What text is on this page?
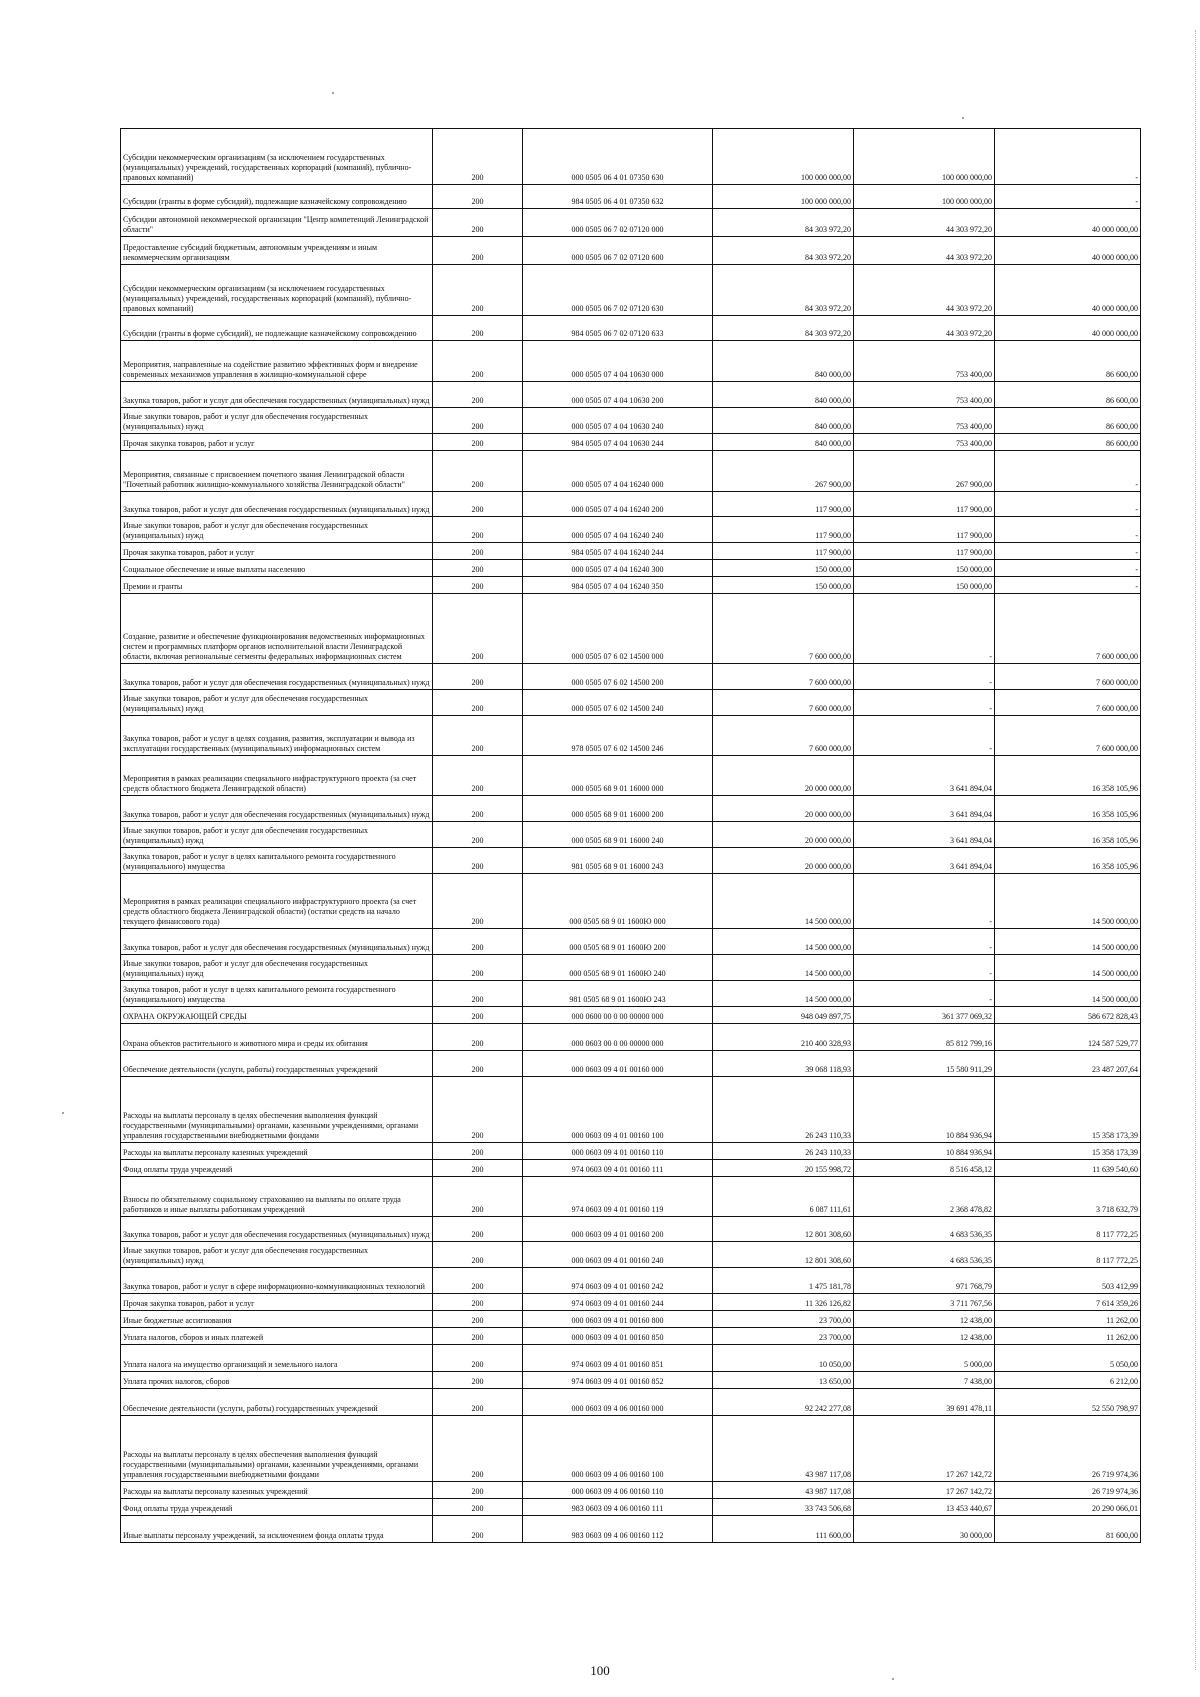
Субсидии некоммерческим организациям (за исключением государственных (муниципальных) учреждений, государственных корпораций (компаний), публично-правовых компаний)	200	000 0505 06 4 01 07350 630	100 000 000,00	100 000 000,00	-
Субсидии (гранты в форме субсидий), подлежащие казначейскому сопровождению	200	984 0505 06 4 01 07350 632	100 000 000,00	100 000 000,00	-
Субсидии автономной некоммерческой организации "Центр компетенций Ленинградской области"	200	000 0505 06 7 02 07120 000	84 303 972,20	44 303 972,20	40 000 000,00
Предоставление субсидий бюджетным, автономным учреждениям и иным некоммерческим организациям	200	000 0505 06 7 02 07120 600	84 303 972,20	44 303 972,20	40 000 000,00
Субсидии некоммерческим организациям (за исключением государственных (муниципальных) учреждений, государственных корпораций (компаний), публично-правовых компаний)	200	000 0505 06 7 02 07120 630	84 303 972,20	44 303 972,20	40 000 000,00
Субсидии (гранты в форме субсидий), не подлежащие казначейскому сопровождению	200	984 0505 06 7 02 07120 633	84 303 972,20	44 303 972,20	40 000 000,00
Мероприятия, направленные на содействие развитию эффективных форм и внедрение современных механизмов управления в жилищно-коммунальной сфере	200	000 0505 07 4 04 10630 000	840 000,00	753 400,00	86 600,00
Закупка товаров, работ и услуг для обеспечения государственных (муниципальных) нужд	200	000 0505 07 4 04 10630 200	840 000,00	753 400,00	86 600,00
Иные закупки товаров, работ и услуг для обеспечения государственных (муниципальных) нужд	200	000 0505 07 4 04 10630 240	840 000,00	753 400,00	86 600,00
Прочая закупка товаров, работ и услуг	200	984 0505 07 4 04 10630 244	840 000,00	753 400,00	86 600,00
Мероприятия, связанные с присвоением почетного звания Ленинградской области "Почетный работник жилищно-коммунального хозяйства Ленинградской области"	200	000 0505 07 4 04 16240 000	267 900,00	267 900,00	-
Закупка товаров, работ и услуг для обеспечения государственных (муниципальных) нужд	200	000 0505 07 4 04 16240 200	117 900,00	117 900,00	-
Иные закупки товаров, работ и услуг для обеспечения государственных (муниципальных) нужд	200	000 0505 07 4 04 16240 240	117 900,00	117 900,00	-
Прочая закупка товаров, работ и услуг	200	984 0505 07 4 04 16240 244	117 900,00	117 900,00	-
Социальное обеспечение и иные выплаты населению	200	000 0505 07 4 04 16240 300	150 000,00	150 000,00	-
Премии и гранты	200	984 0505 07 4 04 16240 350	150 000,00	150 000,00	-
Создание, развитие и обеспечение функционирования ведомственных информационных систем и программных платформ органов исполнительной власти Ленинградской области, включая региональные сегменты федеральных информационных систем	200	000 0505 07 6 02 14500 000	7 600 000,00	-	7 600 000,00
Закупка товаров, работ и услуг для обеспечения государственных (муниципальных) нужд	200	000 0505 07 6 02 14500 200	7 600 000,00	-	7 600 000,00
Иные закупки товаров, работ и услуг для обеспечения государственных (муниципальных) нужд	200	000 0505 07 6 02 14500 240	7 600 000,00	-	7 600 000,00
Закупка товаров, работ и услуг в целях создания, развития, эксплуатации и вывода из эксплуатации государственных (муниципальных) информационных систем	200	978 0505 07 6 02 14500 246	7 600 000,00	-	7 600 000,00
Мероприятия в рамках реализации специального инфраструктурного проекта (за счет средств областного бюджета Ленинградской области)	200	000 0505 68 9 01 16000 000	20 000 000,00	3 641 894,04	16 358 105,96
Закупка товаров, работ и услуг для обеспечения государственных (муниципальных) нужд	200	000 0505 68 9 01 16000 200	20 000 000,00	3 641 894,04	16 358 105,96
Иные закупки товаров, работ и услуг для обеспечения государственных (муниципальных) нужд	200	000 0505 68 9 01 16000 240	20 000 000,00	3 641 894,04	16 358 105,96
Закупка товаров, работ и услуг в целях капитального ремонта государственного (муниципального) имущества	200	981 0505 68 9 01 16000 243	20 000 000,00	3 641 894,04	16 358 105,96
Мероприятия в рамках реализации специального инфраструктурного проекта (за счет средств областного бюджета Ленинградской области) (остатки средств на начало текущего финансового года)	200	000 0505 68 9 01 1600Ю 000	14 500 000,00	-	14 500 000,00
Закупка товаров, работ и услуг для обеспечения государственных (муниципальных) нужд	200	000 0505 68 9 01 1600Ю 200	14 500 000,00	-	14 500 000,00
Иные закупки товаров, работ и услуг для обеспечения государственных (муниципальных) нужд	200	000 0505 68 9 01 1600Ю 240	14 500 000,00	-	14 500 000,00
Закупка товаров, работ и услуг в целях капитального ремонта государственного (муниципального) имущества	200	981 0505 68 9 01 1600Ю 243	14 500 000,00	-	14 500 000,00
ОХРАНА ОКРУЖАЮЩЕЙ СРЕДЫ	200	000 0600 00 0 00 00000 000	948 049 897,75	361 377 069,32	586 672 828,43
Охрана объектов растительного и животного мира и среды их обитания	200	000 0603 00 0 00 00000 000	210 400 328,93	85 812 799,16	124 587 529,77
Обеспечение деятельности (услуги, работы) государственных учреждений	200	000 0603 09 4 01 00160 000	39 068 118,93	15 580 911,29	23 487 207,64
Расходы на выплаты персоналу в целях обеспечения выполнения функций государственными (муниципальными) органами, казенными учреждениями, органами управления государственными внебюджетными фондами	200	000 0603 09 4 01 00160 100	26 243 110,33	10 884 936,94	15 358 173,39
Расходы на выплаты персоналу казенных учреждений	200	000 0603 09 4 01 00160 110	26 243 110,33	10 884 936,94	15 358 173,39
Фонд оплаты труда учреждений	200	974 0603 09 4 01 00160 111	20 155 998,72	8 516 458,12	11 639 540,60
Взносы по обязательному социальному страхованию на выплаты по оплате труда работников и иные выплаты работникам учреждений	200	974 0603 09 4 01 00160 119	6 087 111,61	2 368 478,82	3 718 632,79
Закупка товаров, работ и услуг для обеспечения государственных (муниципальных) нужд	200	000 0603 09 4 01 00160 200	12 801 308,60	4 683 536,35	8 117 772,25
Иные закупки товаров, работ и услуг для обеспечения государственных (муниципальных) нужд	200	000 0603 09 4 01 00160 240	12 801 308,60	4 683 536,35	8 117 772,25
Закупка товаров, работ и услуг в сфере информационно-коммуникационных технологий	200	974 0603 09 4 01 00160 242	1 475 181,78	971 768,79	503 412,99
Прочая закупка товаров, работ и услуг	200	974 0603 09 4 01 00160 244	11 326 126,82	3 711 767,56	7 614 359,26
Иные бюджетные ассигнования	200	000 0603 09 4 01 00160 800	23 700,00	12 438,00	11 262,00
Уплата налогов, сборов и иных платежей	200	000 0603 09 4 01 00160 850	23 700,00	12 438,00	11 262,00
Уплата налога на имущество организаций и земельного налога	200	974 0603 09 4 01 00160 851	10 050,00	5 000,00	5 050,00
Уплата прочих налогов, сборов	200	974 0603 09 4 01 00160 852	13 650,00	7 438,00	6 212,00
Обеспечение деятельности (услуги, работы) государственных учреждений	200	000 0603 09 4 06 00160 000	92 242 277,08	39 691 478,11	52 550 798,97
Расходы на выплаты персоналу в целях обеспечения выполнения функций государственными (муниципальными) органами, казенными учреждениями, органами управления государственными внебюджетными фондами	200	000 0603 09 4 06 00160 100	43 987 117,08	17 267 142,72	26 719 974,36
Расходы на выплаты персоналу казенных учреждений	200	000 0603 09 4 06 00160 110	43 987 117,08	17 267 142,72	26 719 974,36
Фонд оплаты труда учреждений	200	983 0603 09 4 06 00160 111	33 743 506,68	13 453 440,67	20 290 066,01
Иные выплаты персоналу учреждений, за исключением фонда оплаты труда	200	983 0603 09 4 06 00160 112	111 600,00	30 000,00	81 600,00
100
